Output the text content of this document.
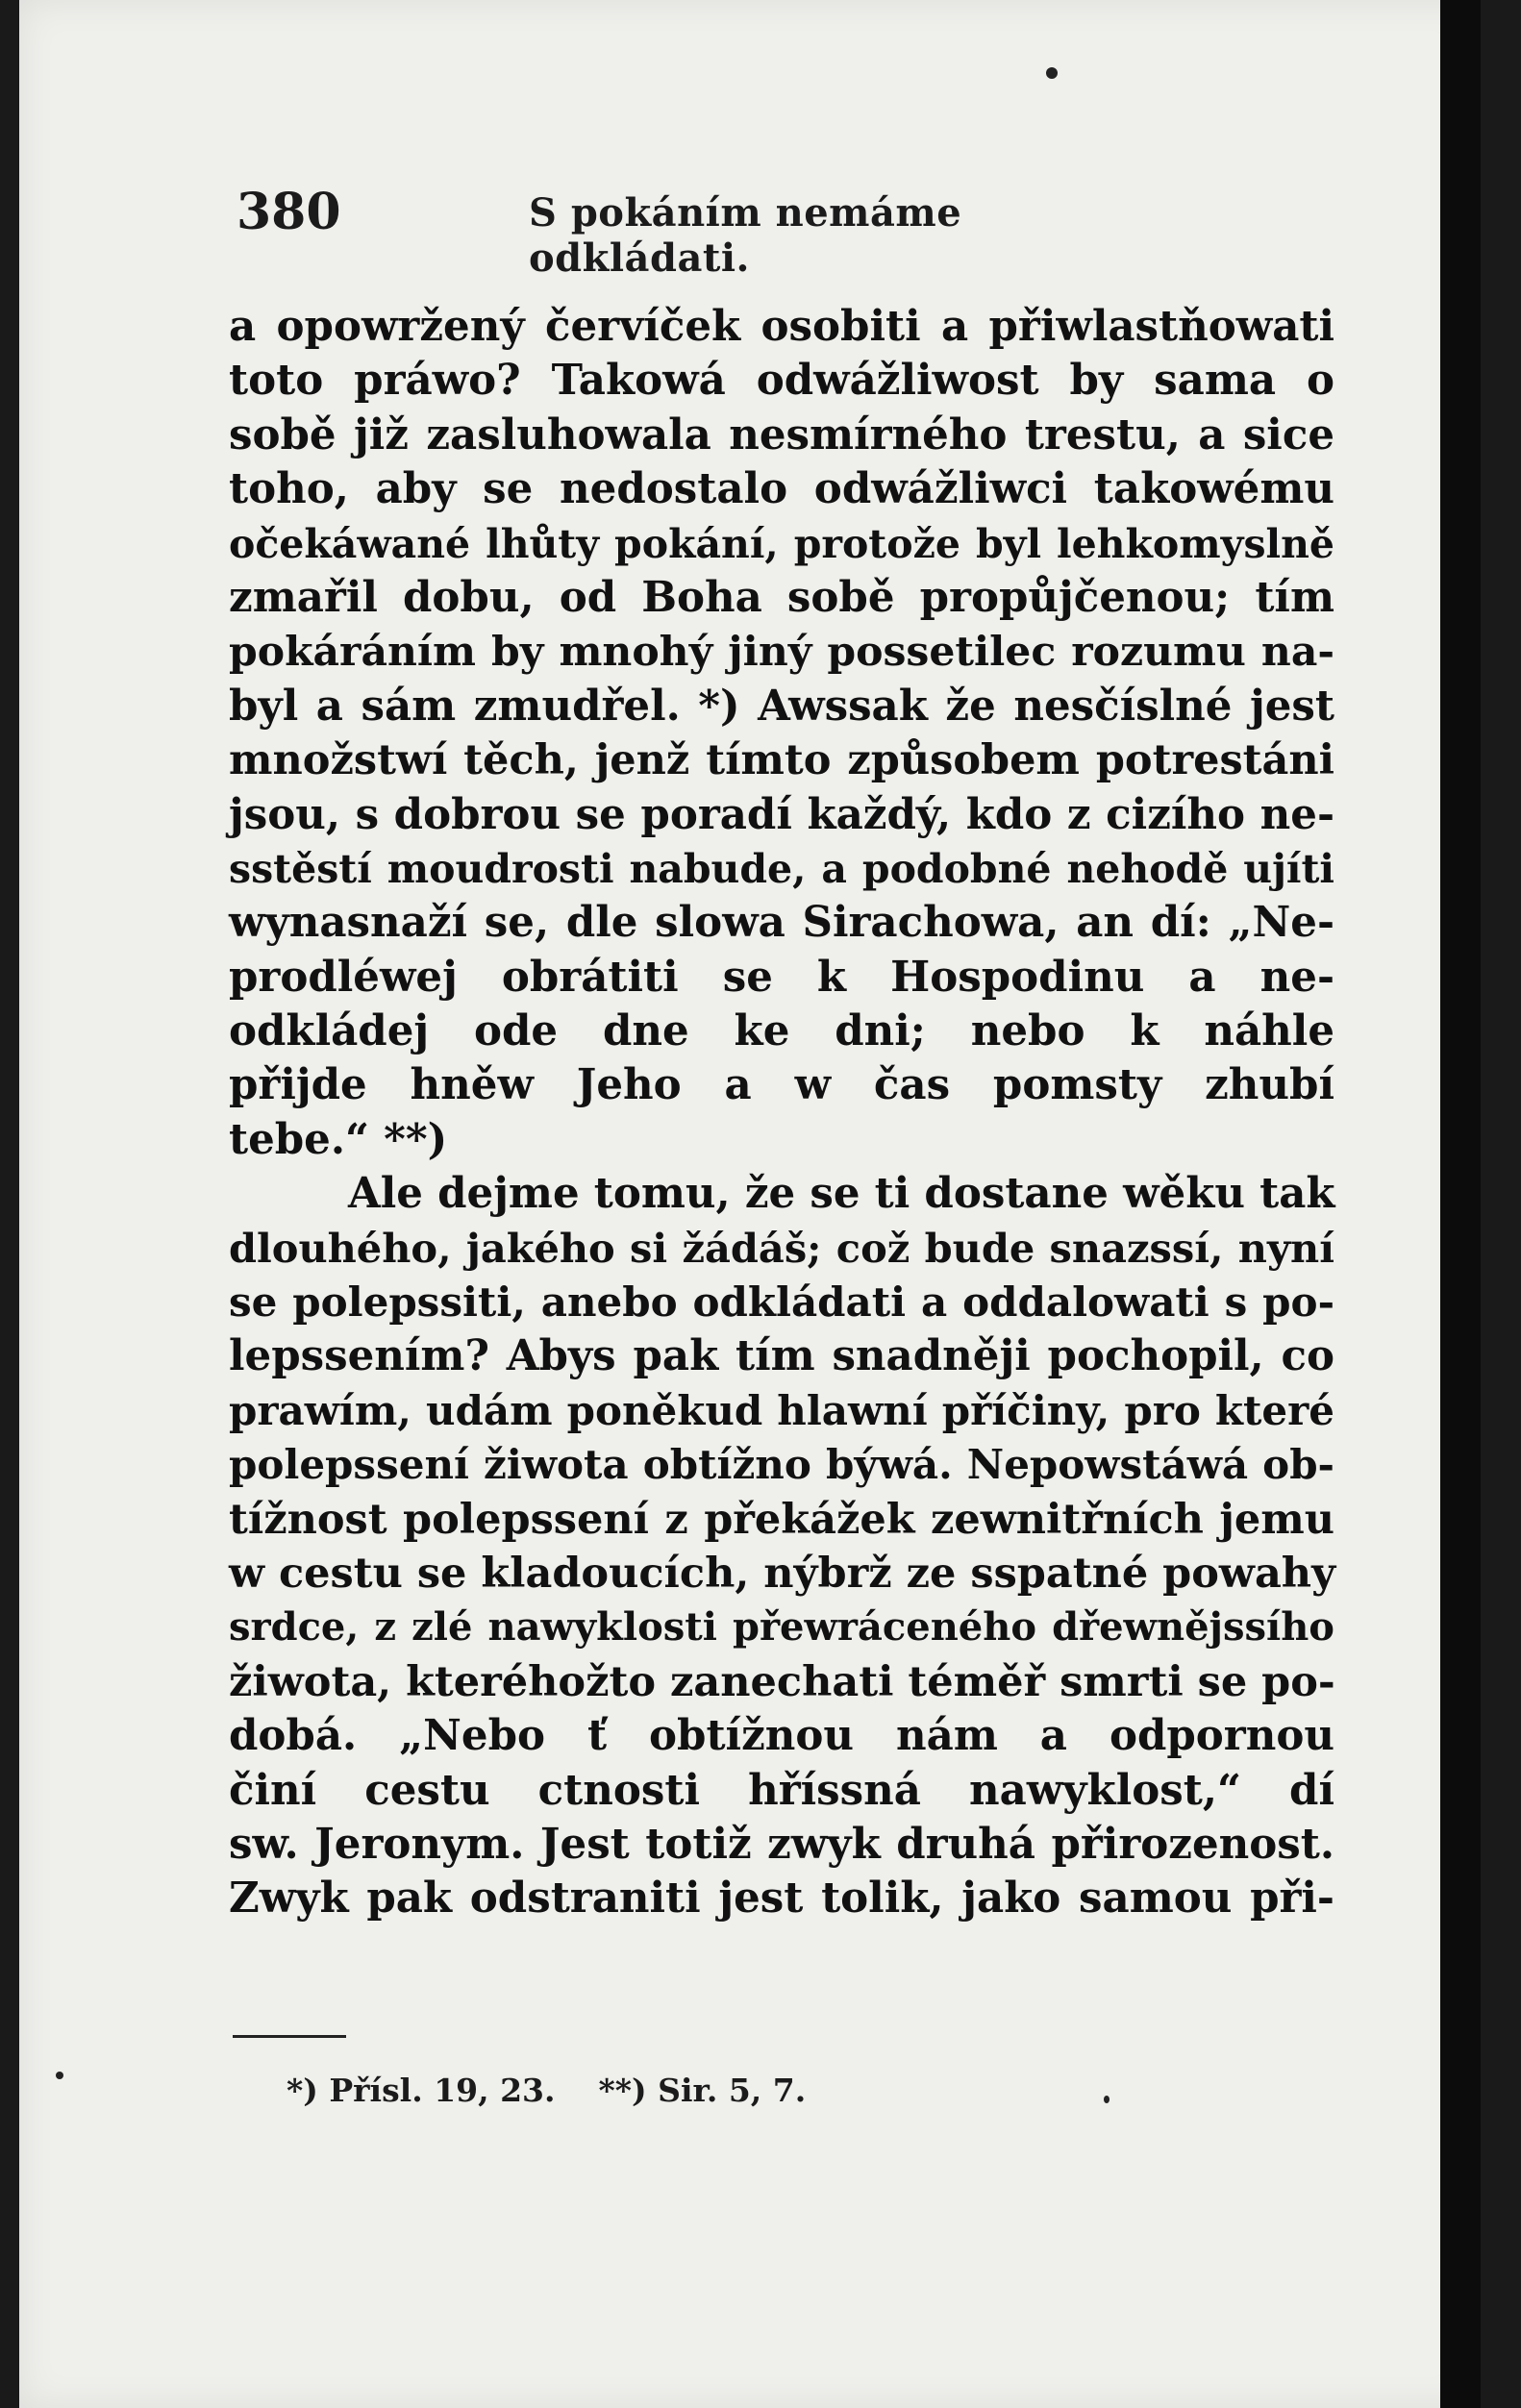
380	S pokáním nemáme odkládati.
a opowržený červíček osobiti a přiwlastňowati
toto práwo? Takowá odwážliwost by sama o
sobě již zasluhowala nesmírného trestu, a sice
toho, aby se nedostalo odwážliwci takowému
očekáwané lhůty pokání, protože byl lehkomyslně
zmařil dobu, od Boha sobě propůjčenou; tím
pokáráním by mnohý jiný possetilec rozumu na-
byl a sám zmudřel. *) Awssak že nesčíslné jest
množstwí těch, jenž tímto způsobem potrestáni
jsou, s dobrou se poradí každý, kdo z cizího ne-
sstěstí moudrosti nabude, a podobné nehodě ujíti
wynasnaží se, dle slowa Sirachowa, an dí: „Ne-
prodléwej obrátiti se k Hospodinu a ne-
odkládej ode dne ke dni; nebo k náhle
přijde hněw Jeho a w čas pomsty zhubí
tebe.“ **)
Ale dejme tomu, že se ti dostane wěku tak
dlouhého, jakého si žádáš; což bude snazssí, nyní
se polepssiti, anebo odkládati a oddalowati s po-
lepssením? Abys pak tím snadněji pochopil, co
prawím, udám poněkud hlawní příčiny, pro které
polepssení žiwota obtížno býwá. Nepowstáwá ob-
tížnost polepssení z překážek zewnitřních jemu
w cestu se kladoucích, nýbrž ze sspatné powahy
srdce, z zlé nawyklosti přewráceného dřewnějssího
žiwota, kteréhožto zanechati téměř smrti se po-
dobá. „Nebo ť obtížnou nám a odpornou
činí cestu ctnosti hříssná nawyklost,“ dí
sw. Jeronym. Jest totiž zwyk druhá přirozenost.
Zwyk pak odstraniti jest tolik, jako samou při-
*) Přísl. 19, 23. **) Sir. 5, 7.
